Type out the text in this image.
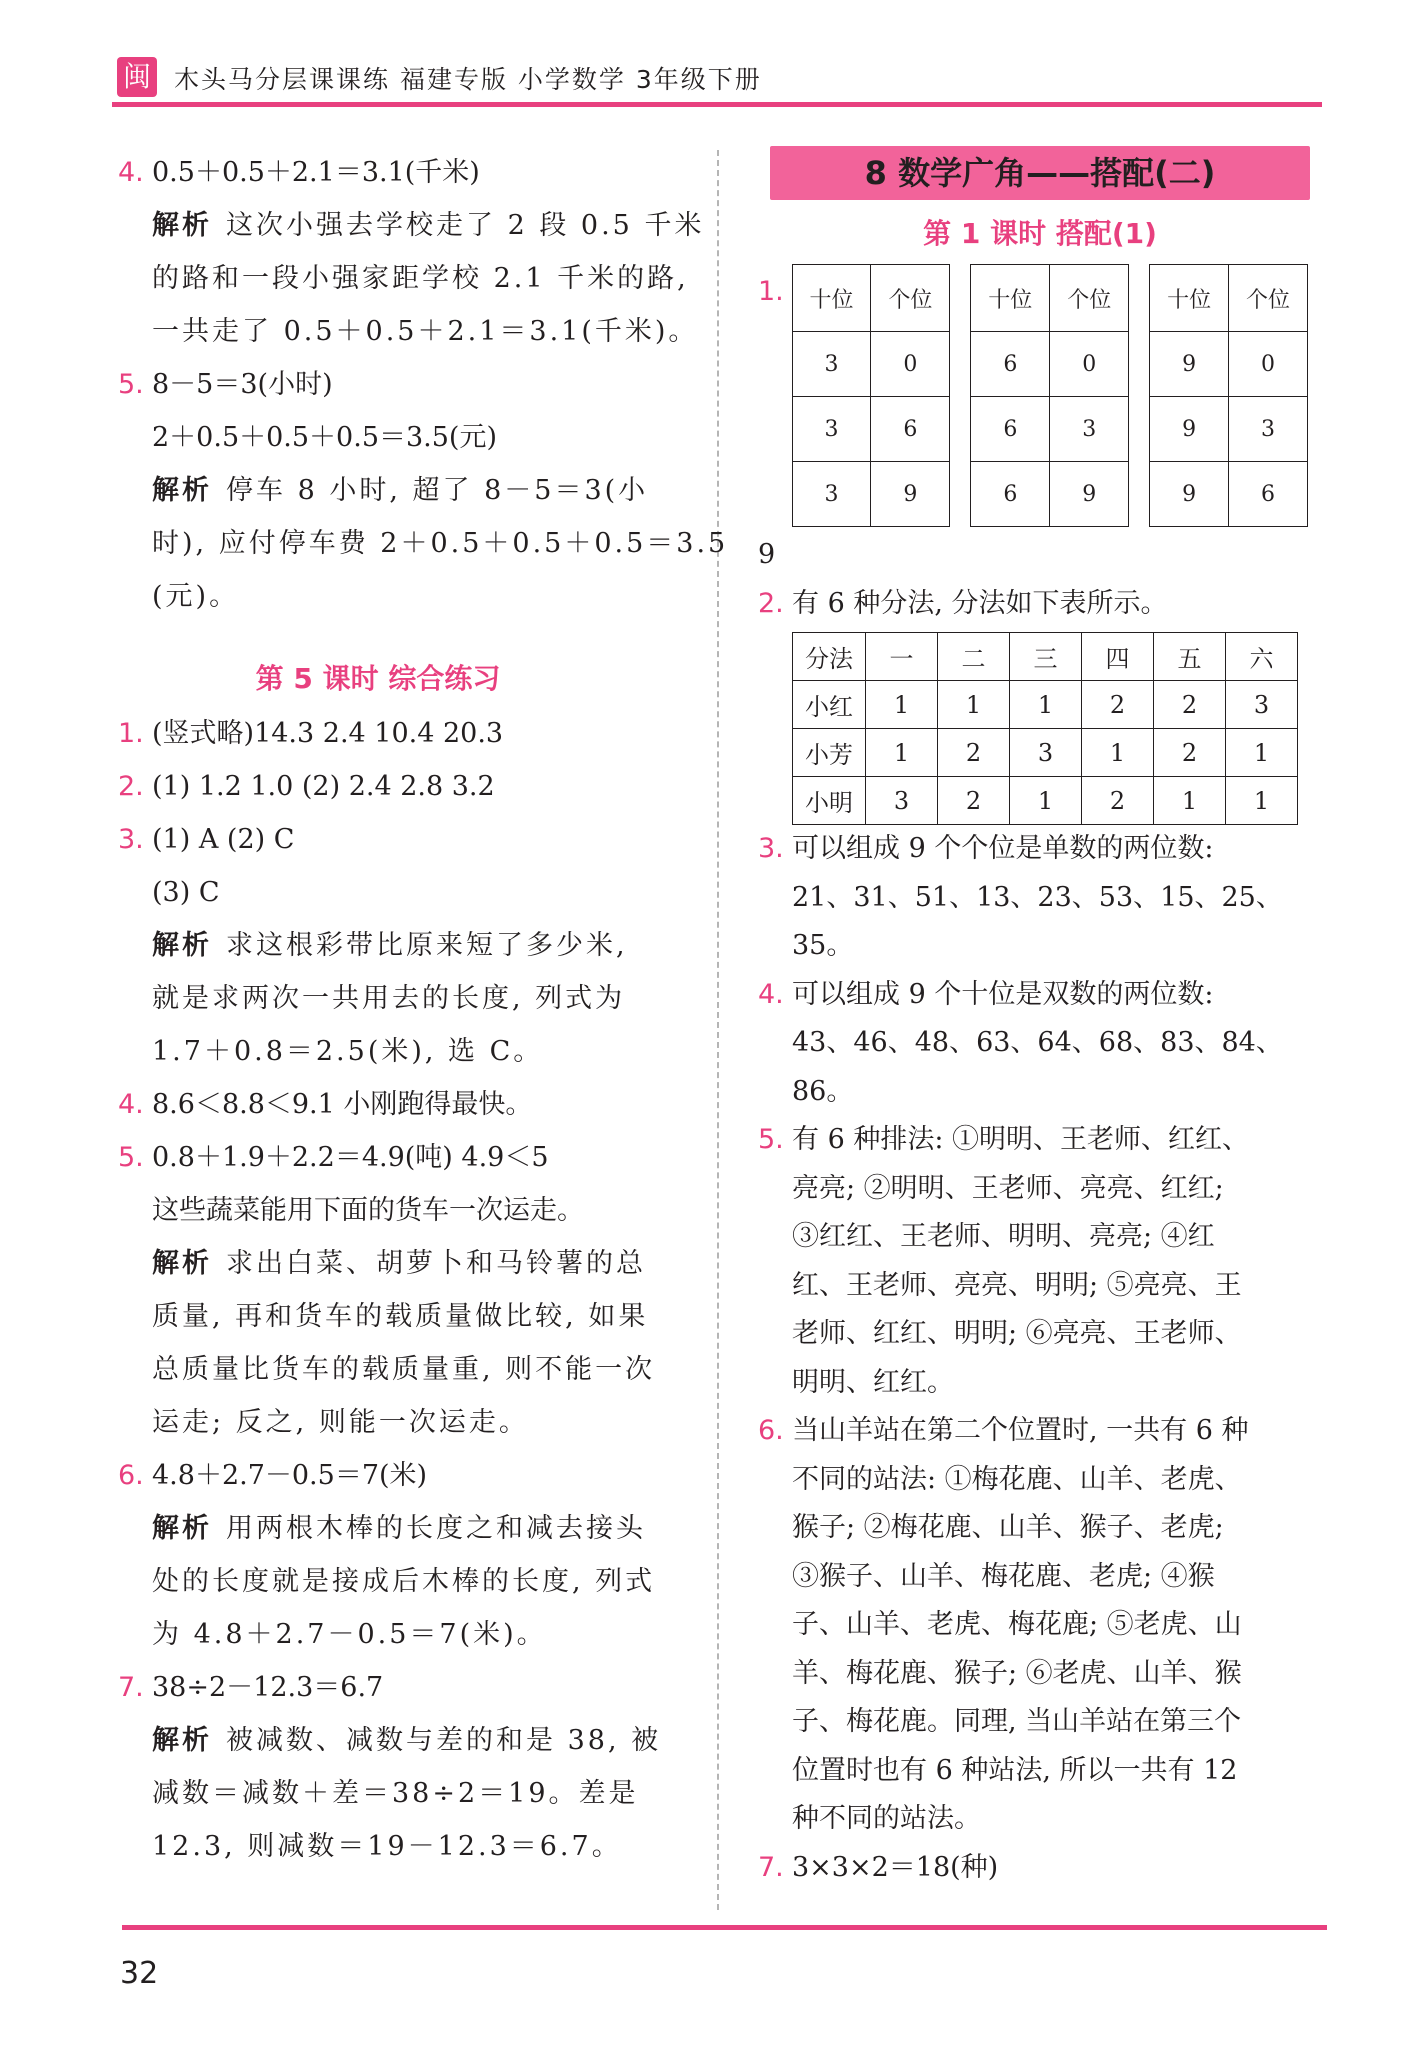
闽 木头马分层课课练 福建专版 小学数学 3年级下册
4. 0.5＋0.5＋2.1＝3.1(千米)
解析 这次小强去学校走了 2 段 0.5 千米
的路和一段小强家距学校 2.1 千米的路,
一共走了 0.5＋0.5＋2.1＝3.1(千米)。
5. 8－5＝3(小时)
2＋0.5＋0.5＋0.5＝3.5(元)
解析 停车 8 小时, 超了 8－5＝3(小
时), 应付停车费 2＋0.5＋0.5＋0.5＝3.5
(元)。
第 5 课时 综合练习
1. (竖式略)14.3 2.4 10.4 20.3
2. (1) 1.2 1.0 (2) 2.4 2.8 3.2
3. (1) A (2) C
(3) C
解析 求这根彩带比原来短了多少米,
就是求两次一共用去的长度, 列式为
1.7＋0.8＝2.5(米), 选 C。
4. 8.6＜8.8＜9.1 小刚跑得最快。
5. 0.8＋1.9＋2.2＝4.9(吨) 4.9＜5
这些蔬菜能用下面的货车一次运走。
解析 求出白菜、胡萝卜和马铃薯的总
质量, 再和货车的载质量做比较, 如果
总质量比货车的载质量重, 则不能一次
运走; 反之, 则能一次运走。
6. 4.8＋2.7－0.5＝7(米)
解析 用两根木棒的长度之和减去接头
处的长度就是接成后木棒的长度, 列式
为 4.8＋2.7－0.5＝7(米)。
7. 38÷2－12.3＝6.7
解析 被减数、减数与差的和是 38, 被
减数＝减数＋差＝38÷2＝19。差是
12.3, 则减数＝19－12.3＝6.7。
8 数学广角——搭配(二)
第 1 课时 搭配(1)
1.	十位	个位
3	0
3	6
3	9
十位	个位
6	0
6	3
6	9
十位	个位
9	0
9	3
9	6
9
2. 有 6 种分法, 分法如下表所示。
分法	一	二	三	四	五	六
小红	1	1	1	2	2	3
小芳	1	2	3	1	2	1
小明	3	2	1	2	1	1
3. 可以组成 9 个个位是单数的两位数:
21、31、51、13、23、53、15、25、
35。
4. 可以组成 9 个十位是双数的两位数:
43、46、48、63、64、68、83、84、
86。
5. 有 6 种排法: ①明明、王老师、红红、
亮亮; ②明明、王老师、亮亮、红红;
③红红、王老师、明明、亮亮; ④红
红、王老师、亮亮、明明; ⑤亮亮、王
老师、红红、明明; ⑥亮亮、王老师、
明明、红红。
6. 当山羊站在第二个位置时, 一共有 6 种
不同的站法: ①梅花鹿、山羊、老虎、
猴子; ②梅花鹿、山羊、猴子、老虎;
③猴子、山羊、梅花鹿、老虎; ④猴
子、山羊、老虎、梅花鹿; ⑤老虎、山
羊、梅花鹿、猴子; ⑥老虎、山羊、猴
子、梅花鹿。同理, 当山羊站在第三个
位置时也有 6 种站法, 所以一共有 12
种不同的站法。
7. 3×3×2＝18(种)
32
